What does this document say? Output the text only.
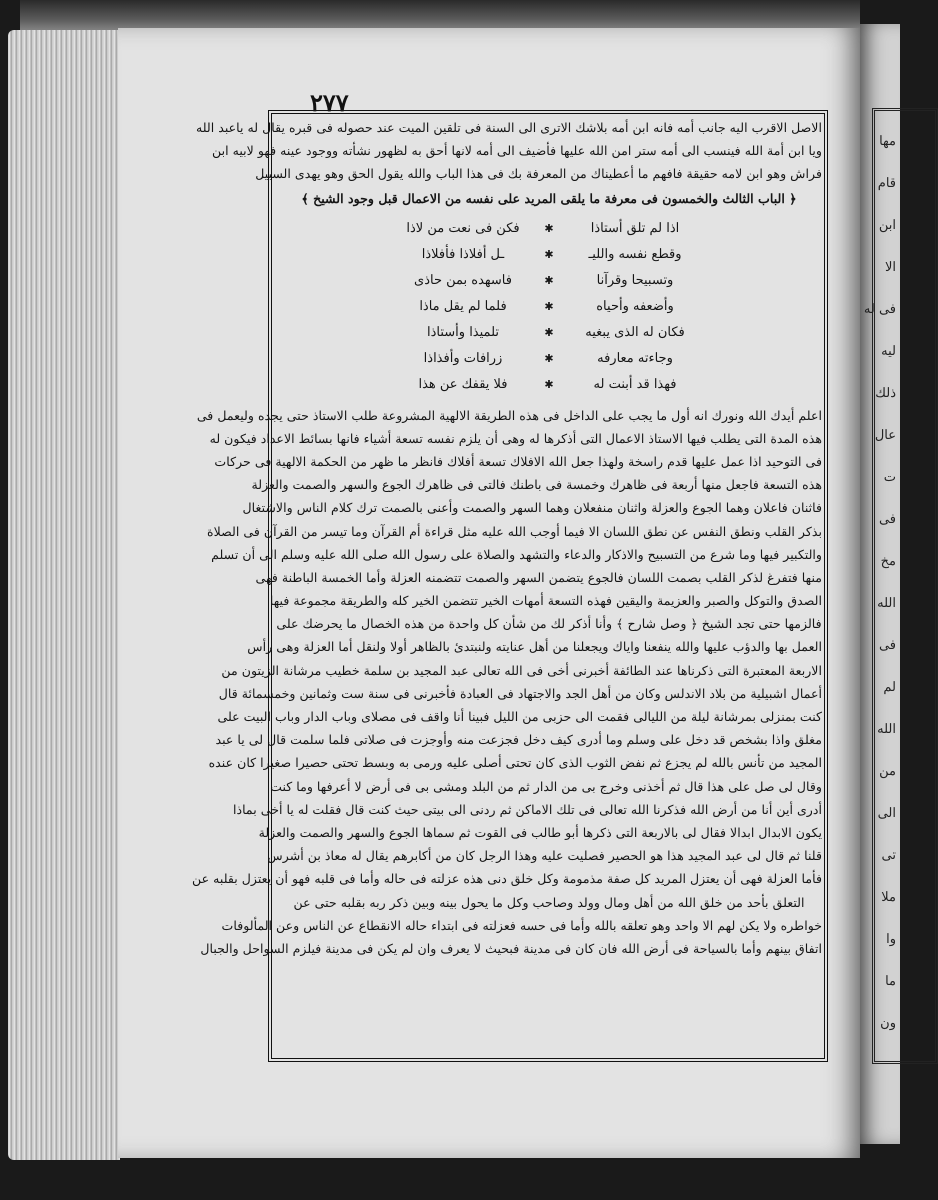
مها
قام
ابن
الا
فى له
ليه
ذلك
عال
ت
فى
مخ
الله
فى
لم
الله
من
الى
تى
ملا
وا
ما
ون
٢٧٧
الاصل الاقرب اليه جانب أمه فانه ابن أمه بلاشك الاترى الى السنة فى تلقين الميت عند حصوله فى قبره يقال له ياعبد الله
ويا ابن أمة الله فينسب الى أمه ستر امن الله عليها فأضيف الى أمه لانها أحق به لظهور نشأته ووجود عينه فهو لابيه ابن
فراش وهو ابن لامه حقيقة فافهم ما أعطيناك من المعرفة بك فى هذا الباب والله يقول الحق وهو يهدى السبيل
﴿ الباب الثالث والخمسون فى معرفة ما يلقى المريد على نفسه من الاعمال قبل وجود الشيخ ﴾
اذا لم تلق أستاذا
✱
فكن فى نعت من لاذا
وقطع نفسه والليـ
✱
ـل أفلاذا فأفلاذا
وتسبيحا وقرآنا
✱
فاسهده بمن حاذى
وأضعفه وأحياه
✱
فلما لم يقل ماذا
فكان له الذى يبغيه
✱
تلميذا وأستاذا
وجاءته معارفه
✱
زرافات وأفذاذا
فهذا قد أبنت له
✱
فلا يقفك عن هذا
اعلم أيدك الله ونورك انه أول ما يجب على الداخل فى هذه الطريقة الالهية المشروعة طلب الاستاذ حتى يجده وليعمل فى
هذه المدة التى يطلب فيها الاستاذ الاعمال التى أذكرها له وهى أن يلزم نفسه تسعة أشياء فانها بسائط الاعداد فيكون له
فى التوحيد اذا عمل عليها قدم راسخة ولهذا جعل الله الافلاك تسعة أفلاك فانظر ما ظهر من الحكمة الالهية فى حركات
هذه التسعة فاجعل منها أربعة فى ظاهرك وخمسة فى باطنك فالتى فى ظاهرك الجوع والسهر والصمت والعزلة
فاثنان فاعلان وهما الجوع والعزلة واثنان منفعلان وهما السهر والصمت وأعنى بالصمت ترك كلام الناس والاشتغال
بذكر القلب ونطق النفس عن نطق اللسان الا فيما أوجب الله عليه مثل قراءة أم القرآن وما تيسر من القرآن فى الصلاة
والتكبير فيها وما شرع من التسبيح والاذكار والدعاء والتشهد والصلاة على رسول الله صلى الله عليه وسلم الى أن تسلم
منها فتفرغ لذكر القلب بصمت اللسان فالجوع يتضمن السهر والصمت تتضمنه العزلة وأما الخمسة الباطنة فهى
الصدق والتوكل والصبر والعزيمة واليقين فهذه التسعة أمهات الخير تتضمن الخير كله والطريقة مجموعة فيها
فالزمها حتى تجد الشيخ ﴿ وصل شارح ﴾ وأنا أذكر لك من شأن كل واحدة من هذه الخصال ما يحرضك على
العمل بها والدؤب عليها والله ينفعنا واياك ويجعلنا من أهل عنايته ولنبتدئ بالظاهر أولا ولنقل أما العزلة وهى رأس
الاربعة المعتبرة التى ذكرناها عند الطائفة أخبرنى أخى فى الله تعالى عبد المجيد بن سلمة خطيب مرشانة الزيتون من
أعمال اشبيلية من بلاد الاندلس وكان من أهل الجد والاجتهاد فى العبادة فأخبرنى فى سنة ست وثمانين وخمسمائة قال
كنت بمنزلى بمرشانة ليلة من الليالى فقمت الى حزبى من الليل فبينا أنا واقف فى مصلاى وباب الدار وباب البيت على
مغلق واذا بشخص قد دخل على وسلم وما أدرى كيف دخل فجزعت منه وأوجزت فى صلاتى فلما سلمت قال لى يا عبد
المجيد من تأنس بالله لم يجزع ثم نفض الثوب الذى كان تحتى أصلى عليه ورمى به وبسط تحتى حصيرا صغيرا كان عنده
وقال لى صل على هذا قال ثم أخذنى وخرج بى من الدار ثم من البلد ومشى بى فى أرض لا أعرفها وما كنت
أدرى أين أنا من أرض الله فذكرنا الله تعالى فى تلك الاماكن ثم ردنى الى بيتى حيث كنت قال فقلت له يا أخى بماذا
يكون الابدال ابدالا فقال لى بالاربعة التى ذكرها أبو طالب فى القوت ثم سماها الجوع والسهر والصمت والعزلة
قلنا ثم قال لى عبد المجيد هذا هو الحصير فصليت عليه وهذا الرجل كان من أكابرهم يقال له معاذ بن أشرس
فأما العزلة فهى أن يعتزل المريد كل صفة مذمومة وكل خلق دنى هذه عزلته فى حاله وأما فى قلبه فهو أن يعتزل بقلبه عن
التعلق بأحد من خلق الله من أهل ومال وولد وصاحب وكل ما يحول بينه وبين ذكر ربه بقلبه حتى عن
خواطره ولا يكن لهم الا واحد وهو تعلقه بالله وأما فى حسه فعزلته فى ابتداء حاله الانقطاع عن الناس وعن المألوفات
اتفاق بينهم وأما بالسياحة فى أرض الله فان كان فى مدينة فبحيث لا يعرف وان لم يكن فى مدينة فيلزم السواحل والجبال
